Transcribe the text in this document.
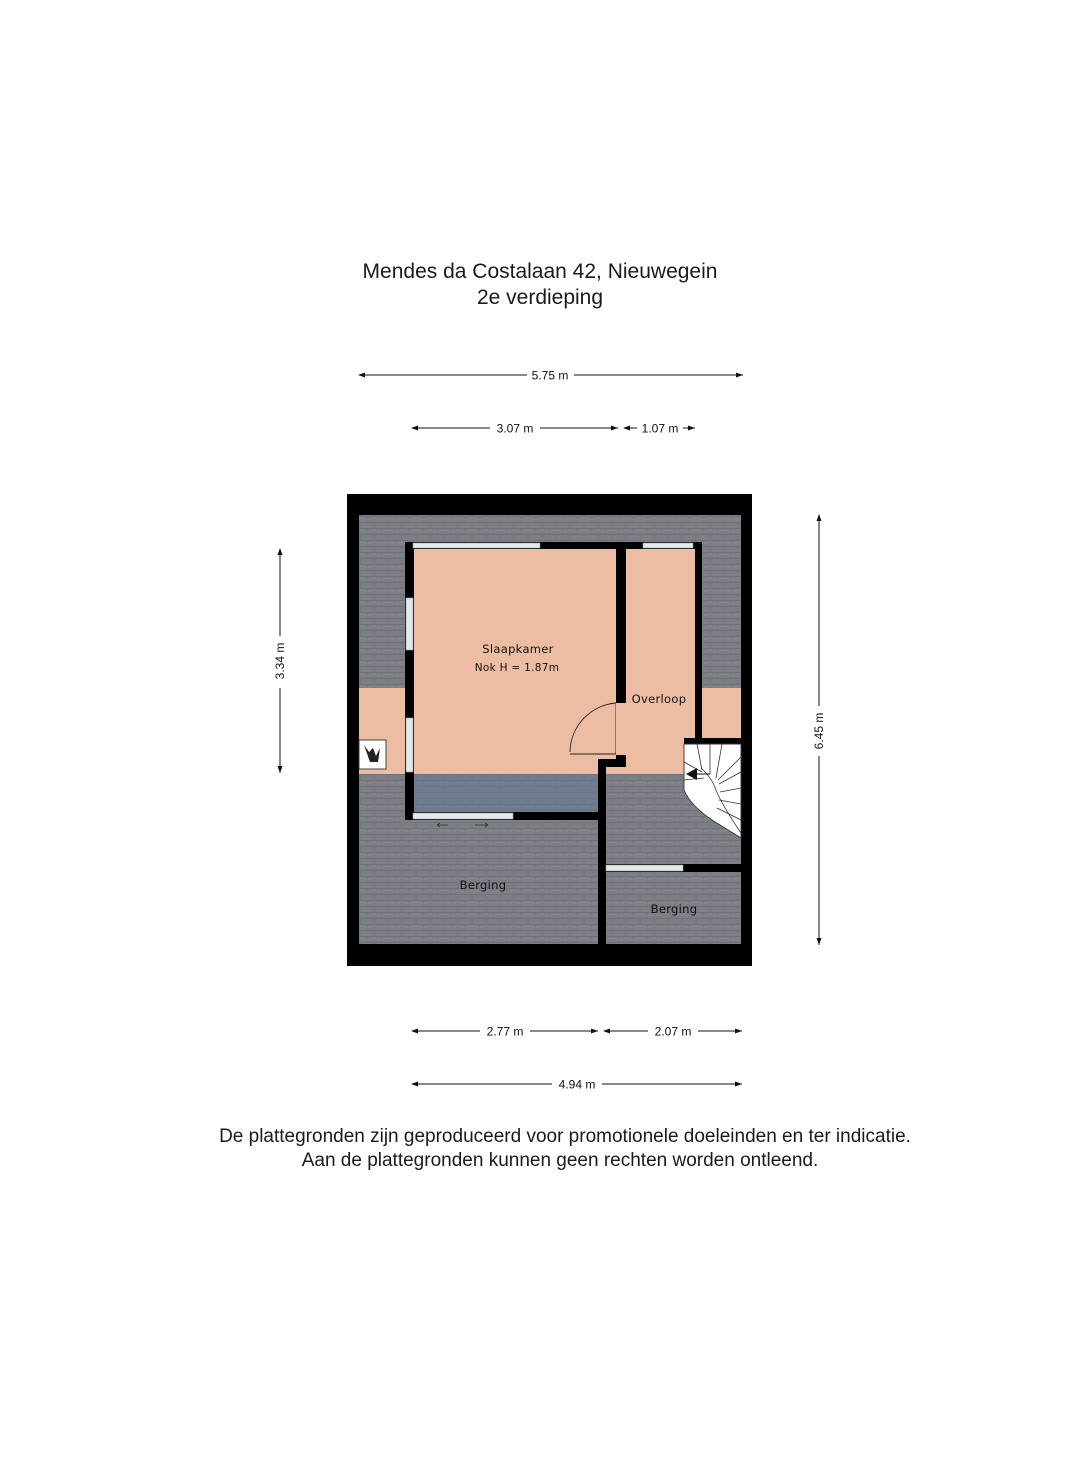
Mendes da Costalaan 42, Nieuwegein
2e verdieping
5.75 m
3.07 m	1.07 m
3.34 m
6.45 m
2.77 m	2.07 m
4.94 m
Slaapkamer
Nok H = 1.87m
Overloop
Berging
Berging
De plattegronden zijn geproduceerd voor promotionele doeleinden en ter indicatie.
Aan de plattegronden kunnen geen rechten worden ontleend.
